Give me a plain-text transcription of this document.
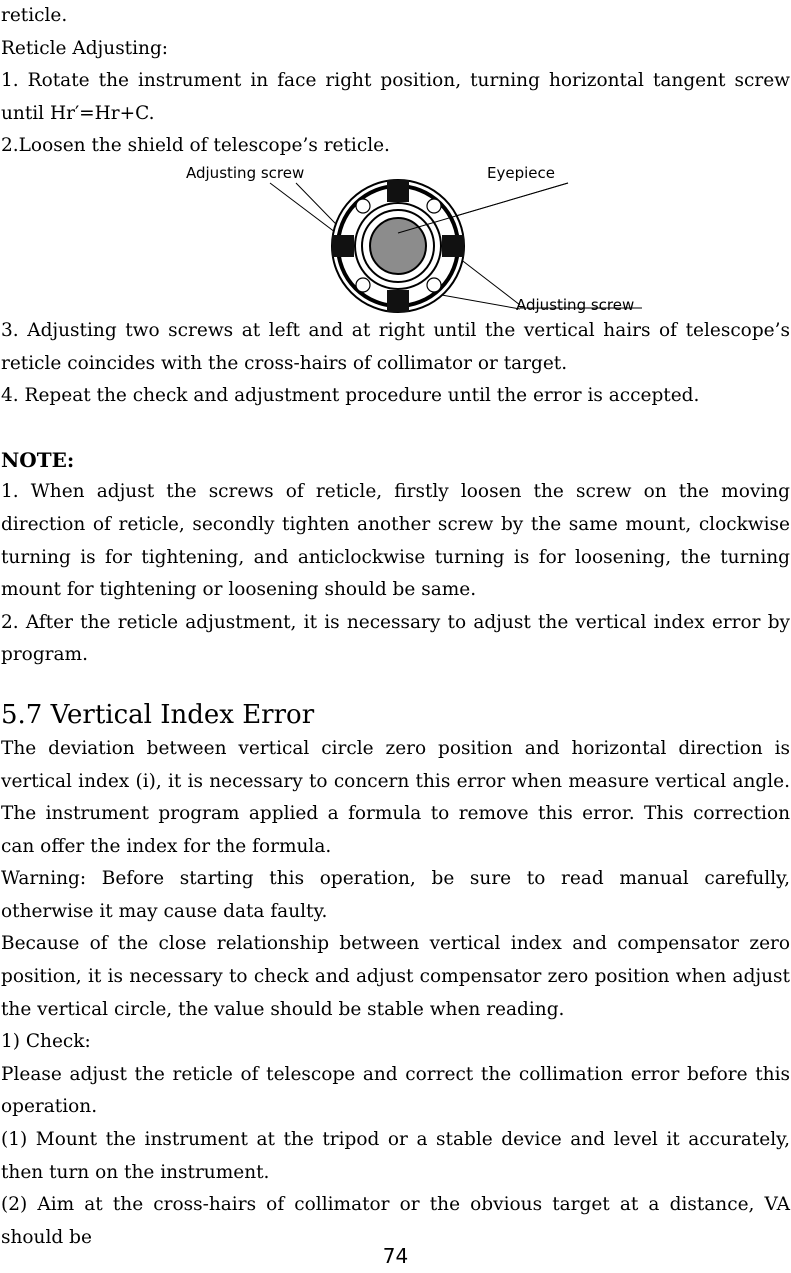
reticle.

Reticle Adjusting:

1. Rotate the instrument in face right position, turning horizontal tangent screw until Hr′=Hr+C.

2.Loosen the shield of telescope’s reticle.

Adjusting screw	Eyepiece
Adjusting screw

3. Adjusting two screws at left and at right until the vertical hairs of telescope’s reticle coincides with the cross-hairs of collimator or target.

4. Repeat the check and adjustment procedure until the error is accepted.

NOTE:

1. When adjust the screws of reticle, firstly loosen the screw on the moving direction of reticle, secondly tighten another screw by the same mount, clockwise turning is for tightening, and anticlockwise turning is for loosening, the turning mount for tightening or loosening should be same.

2. After the reticle adjustment, it is necessary to adjust the vertical index error by program.

5.7 Vertical Index Error

The deviation between vertical circle zero position and horizontal direction is vertical index (i), it is necessary to concern this error when measure vertical angle. The instrument program applied a formula to remove this error. This correction can offer the index for the formula.

Warning: Before starting this operation, be sure to read manual carefully, otherwise it may cause data faulty.

Because of the close relationship between vertical index and compensator zero position, it is necessary to check and adjust compensator zero position when adjust the vertical circle, the value should be stable when reading.

1) Check:

Please adjust the reticle of telescope and correct the collimation error before this operation.

(1) Mount the instrument at the tripod or a stable device and level it accurately, then turn on the instrument.

(2) Aim at the cross-hairs of collimator or the obvious target at a distance, VA should be

74
